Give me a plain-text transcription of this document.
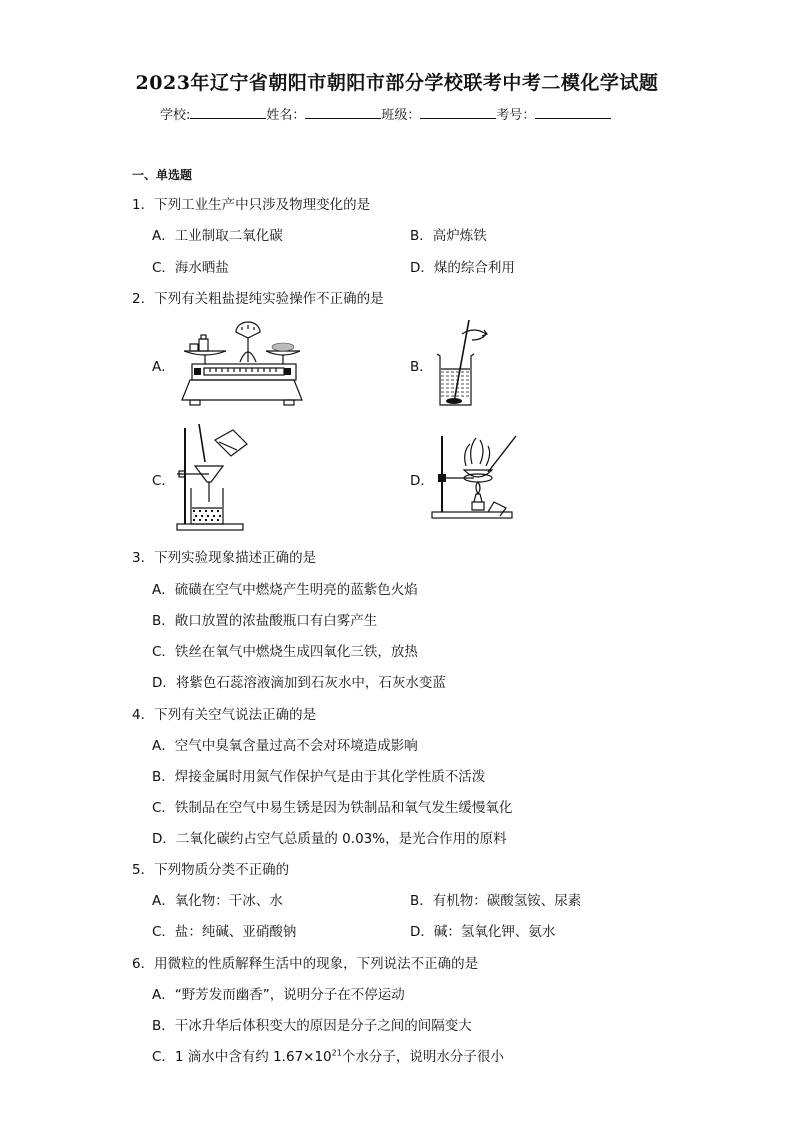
2023年辽宁省朝阳市朝阳市部分学校联考中考二模化学试题
学校:	姓名：	班级：	考号：
一、单选题
1．下列工业生产中只涉及物理变化的是
A．工业制取二氧化碳	B．高炉炼铁
C．海水晒盐	D．煤的综合利用
2．下列有关粗盐提纯实验操作不正确的是
A．	B．
C．	D．
3．下列实验现象描述正确的是
A．硫磺在空气中燃烧产生明亮的蓝紫色火焰
B．敞口放置的浓盐酸瓶口有白雾产生
C．铁丝在氧气中燃烧生成四氧化三铁，放热
D．将紫色石蕊溶液滴加到石灰水中，石灰水变蓝
4．下列有关空气说法正确的是
A．空气中臭氧含量过高不会对环境造成影响
B．焊接金属时用氮气作保护气是由于其化学性质不活泼
C．铁制品在空气中易生锈是因为铁制品和氧气发生缓慢氧化
D．二氧化碳约占空气总质量的 0.03%，是光合作用的原料
5．下列物质分类不正确的
A．氧化物：干冰、水	B．有机物：碳酸氢铵、尿素
C．盐：纯碱、亚硝酸钠	D．碱：氢氧化钾、氨水
6．用微粒的性质解释生活中的现象，下列说法不正确的是
A．“野芳发而幽香”，说明分子在不停运动
B．干冰升华后体积变大的原因是分子之间的间隔变大
C．1 滴水中含有约 $1.67\times 10^{21}$个水分子，说明水分子很小
